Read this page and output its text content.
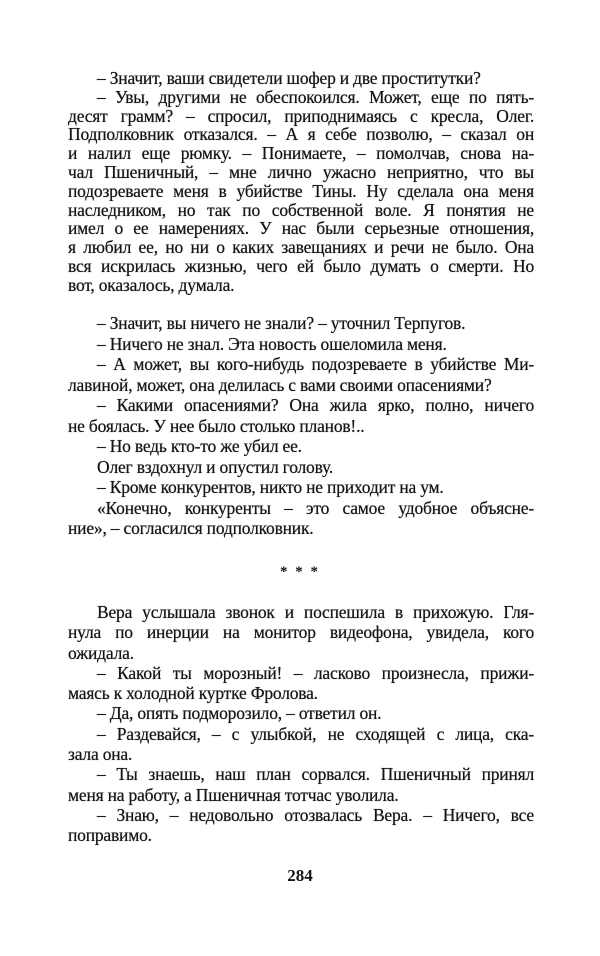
– Значит, ваши свидетели шофер и две проститутки?
– Увы, другими не обеспокоился. Может, еще по пять-
десят грамм? – спросил, приподнимаясь с кресла, Олег.
Подполковник отказался. – А я себе позволю, – сказал он
и налил еще рюмку. – Понимаете, – помолчав, снова на-
чал Пшеничный, – мне лично ужасно неприятно, что вы
подозреваете меня в убийстве Тины. Ну сделала она меня
наследником, но так по собственной воле. Я понятия не
имел о ее намерениях. У нас были серьезные отношения,
я любил ее, но ни о каких завещаниях и речи не было. Она
вся искрилась жизнью, чего ей было думать о смерти. Но
вот, оказалось, думала.
– Значит, вы ничего не знали? – уточнил Терпугов.
– Ничего не знал. Эта новость ошеломила меня.
– А может, вы кого-нибудь подозреваете в убийстве Ми-
лавиной, может, она делилась с вами своими опасениями?
– Какими опасениями? Она жила ярко, полно, ничего
не боялась. У нее было столько планов!..
– Но ведь кто-то же убил ее.
Олег вздохнул и опустил голову.
– Кроме конкурентов, никто не приходит на ум.
«Конечно, конкуренты – это самое удобное объясне-
ние», – согласился подполковник.
* * *
Вера услышала звонок и поспешила в прихожую. Гля-
нула по инерции на монитор видеофона, увидела, кого
ожидала.
– Какой ты морозный! – ласково произнесла, прижи-
маясь к холодной куртке Фролова.
– Да, опять подморозило, – ответил он.
– Раздевайся, – с улыбкой, не сходящей с лица, ска-
зала она.
– Ты знаешь, наш план сорвался. Пшеничный принял
меня на работу, а Пшеничная тотчас уволила.
– Знаю, – недовольно отозвалась Вера. – Ничего, все
поправимо.
284
